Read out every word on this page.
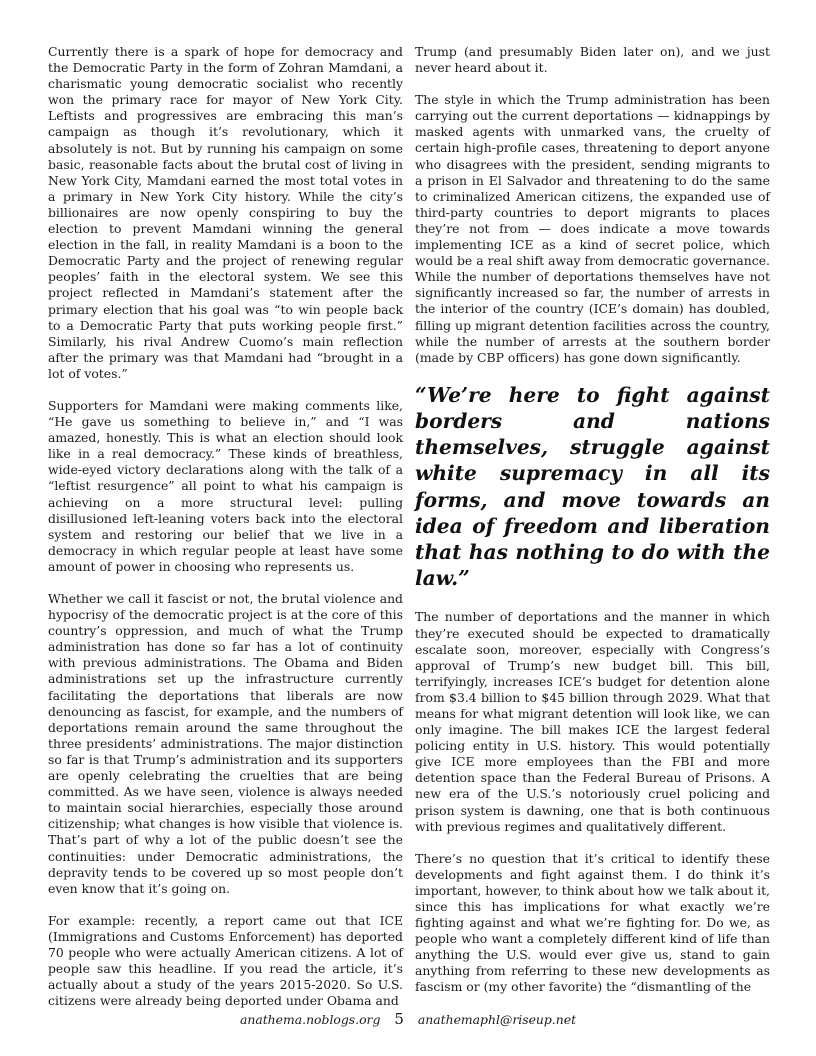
Currently there is a spark of hope for democracy and the Democratic Party in the form of Zohran Mamdani, a charismatic young democratic socialist who recently won the primary race for mayor of New York City. Leftists and progressives are embracing this man’s campaign as though it’s revolutionary, which it absolutely is not. But by running his campaign on some basic, reasonable facts about the brutal cost of living in New York City, Mamdani earned the most total votes in a primary in New York City history. While the city’s billionaires are now openly conspiring to buy the election to prevent Mamdani winning the general election in the fall, in reality Mamdani is a boon to the Democratic Party and the project of renewing regular peoples’ faith in the electoral system. We see this project reflected in Mamdani’s statement after the primary election that his goal was “to win people back to a Democratic Party that puts working people first.” Similarly, his rival Andrew Cuomo’s main reflection after the primary was that Mamdani had “brought in a lot of votes.”

Supporters for Mamdani were making comments like, “He gave us something to believe in,” and “I was amazed, honestly. This is what an election should look like in a real democracy.” These kinds of breathless, wide-eyed victory declarations along with the talk of a “leftist resurgence” all point to what his campaign is achieving on a more structural level: pulling disillusioned left-leaning voters back into the electoral system and restoring our belief that we live in a democracy in which regular people at least have some amount of power in choosing who represents us.

Whether we call it fascist or not, the brutal violence and hypocrisy of the democratic project is at the core of this country’s oppression, and much of what the Trump administration has done so far has a lot of continuity with previous administrations. The Obama and Biden administrations set up the infrastructure currently facilitating the deportations that liberals are now denouncing as fascist, for example, and the numbers of deportations remain around the same throughout the three presidents’ administrations. The major distinction so far is that Trump’s administration and its supporters are openly celebrating the cruelties that are being committed. As we have seen, violence is always needed to maintain social hierarchies, especially those around citizenship; what changes is how visible that violence is. That’s part of why a lot of the public doesn’t see the continuities: under Democratic administrations, the depravity tends to be covered up so most people don’t even know that it’s going on.

For example: recently, a report came out that ICE (Immigrations and Customs Enforcement) has deported 70 people who were actually American citizens. A lot of people saw this headline. If you read the article, it’s actually about a study of the years 2015-2020. So U.S. citizens were already being deported under Obama and

Trump (and presumably Biden later on), and we just never heard about it.

The style in which the Trump administration has been carrying out the current deportations — kidnappings by masked agents with unmarked vans, the cruelty of certain high-profile cases, threatening to deport anyone who disagrees with the president, sending migrants to a prison in El Salvador and threatening to do the same to criminalized American citizens, the expanded use of third-party countries to deport migrants to places they’re not from — does indicate a move towards implementing ICE as a kind of secret police, which would be a real shift away from democratic governance. While the number of deportations themselves have not significantly increased so far, the number of arrests in the interior of the country (ICE’s domain) has doubled, filling up migrant detention facilities across the country, while the number of arrests at the southern border (made by CBP officers) has gone down significantly.

“We’re here to fight against borders and nations themselves, struggle against white supremacy in all its forms, and move towards an idea of freedom and liberation that has nothing to do with the law.”

The number of deportations and the manner in which they’re executed should be expected to dramatically escalate soon, moreover, especially with Congress’s approval of Trump’s new budget bill. This bill, terrifyingly, increases ICE’s budget for detention alone from $3.4 billion to $45 billion through 2029. What that means for what migrant detention will look like, we can only imagine. The bill makes ICE the largest federal policing entity in U.S. history. This would potentially give ICE more employees than the FBI and more detention space than the Federal Bureau of Prisons. A new era of the U.S.’s notoriously cruel policing and prison system is dawning, one that is both continuous with previous regimes and qualitatively different.

There’s no question that it’s critical to identify these developments and fight against them. I do think it’s important, however, to think about how we talk about it, since this has implications for what exactly we’re fighting against and what we’re fighting for. Do we, as people who want a completely different kind of life than anything the U.S. would ever give us, stand to gain anything from referring to these new developments as fascism or (my other favorite) the “dismantling of the

anathema.noblogs.org 5 anathemaphl@riseup.net
